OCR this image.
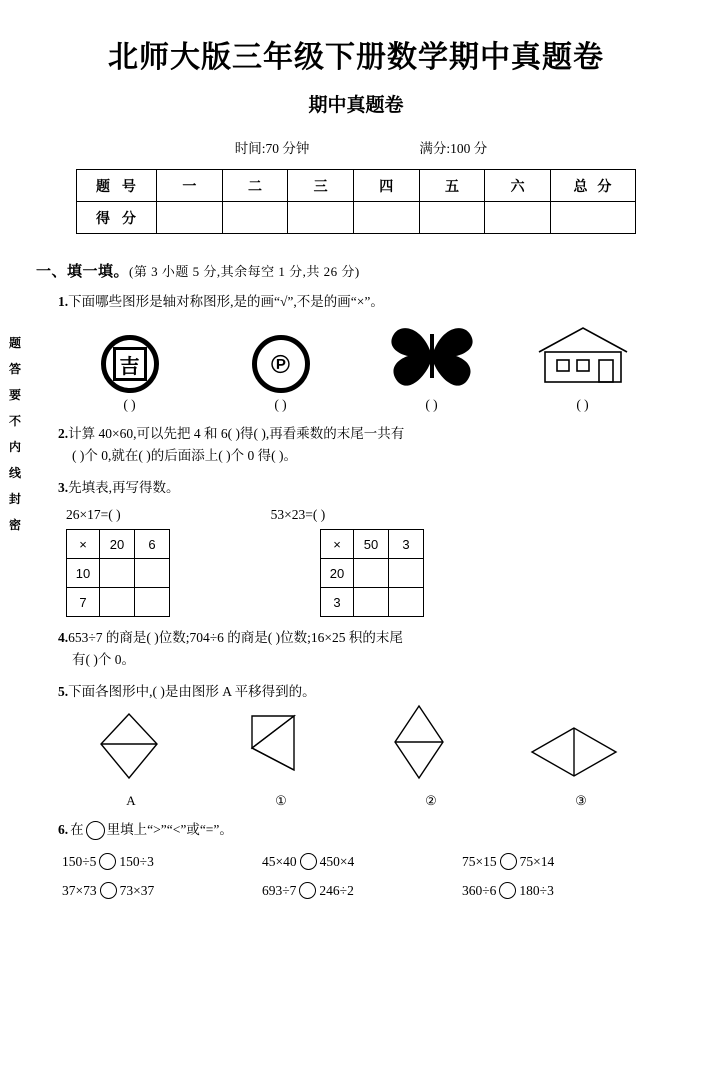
题
答
要
不
内
线
封
密
北师大版三年级下册数学期中真题卷
期中真题卷
时间:70 分钟	满分:100 分
题 号	一	二	三	四	五	六	总 分
得 分							
一、填一填。(第 3 小题 5 分,其余每空 1 分,共 26 分)
1.下面哪些图形是轴对称图形,是的画“√”,不是的画“×”。
吉	℗
( )	( )	( )	( )
2.计算 40×60,可以先把 4 和 6( )得( ),再看乘数的末尾一共有
( )个 0,就在( )的后面添上( )个 0 得( )。
3.先填表,再写得数。
26×17=( )	53×23=( )
×	20	6
10		
7		
×	50	3
20		
3		
4.653÷7 的商是( )位数;704÷6 的商是( )位数;16×25 积的末尾
有( )个 0。
5.下面各图形中,( )是由图形 A 平移得到的。
A	①	②	③
6. 在 里填上“>”“<”或“=”。
150÷5 150÷3	45×40 450×4	75×15 75×14
37×73 73×37	693÷7 246÷2	360÷6 180÷3
